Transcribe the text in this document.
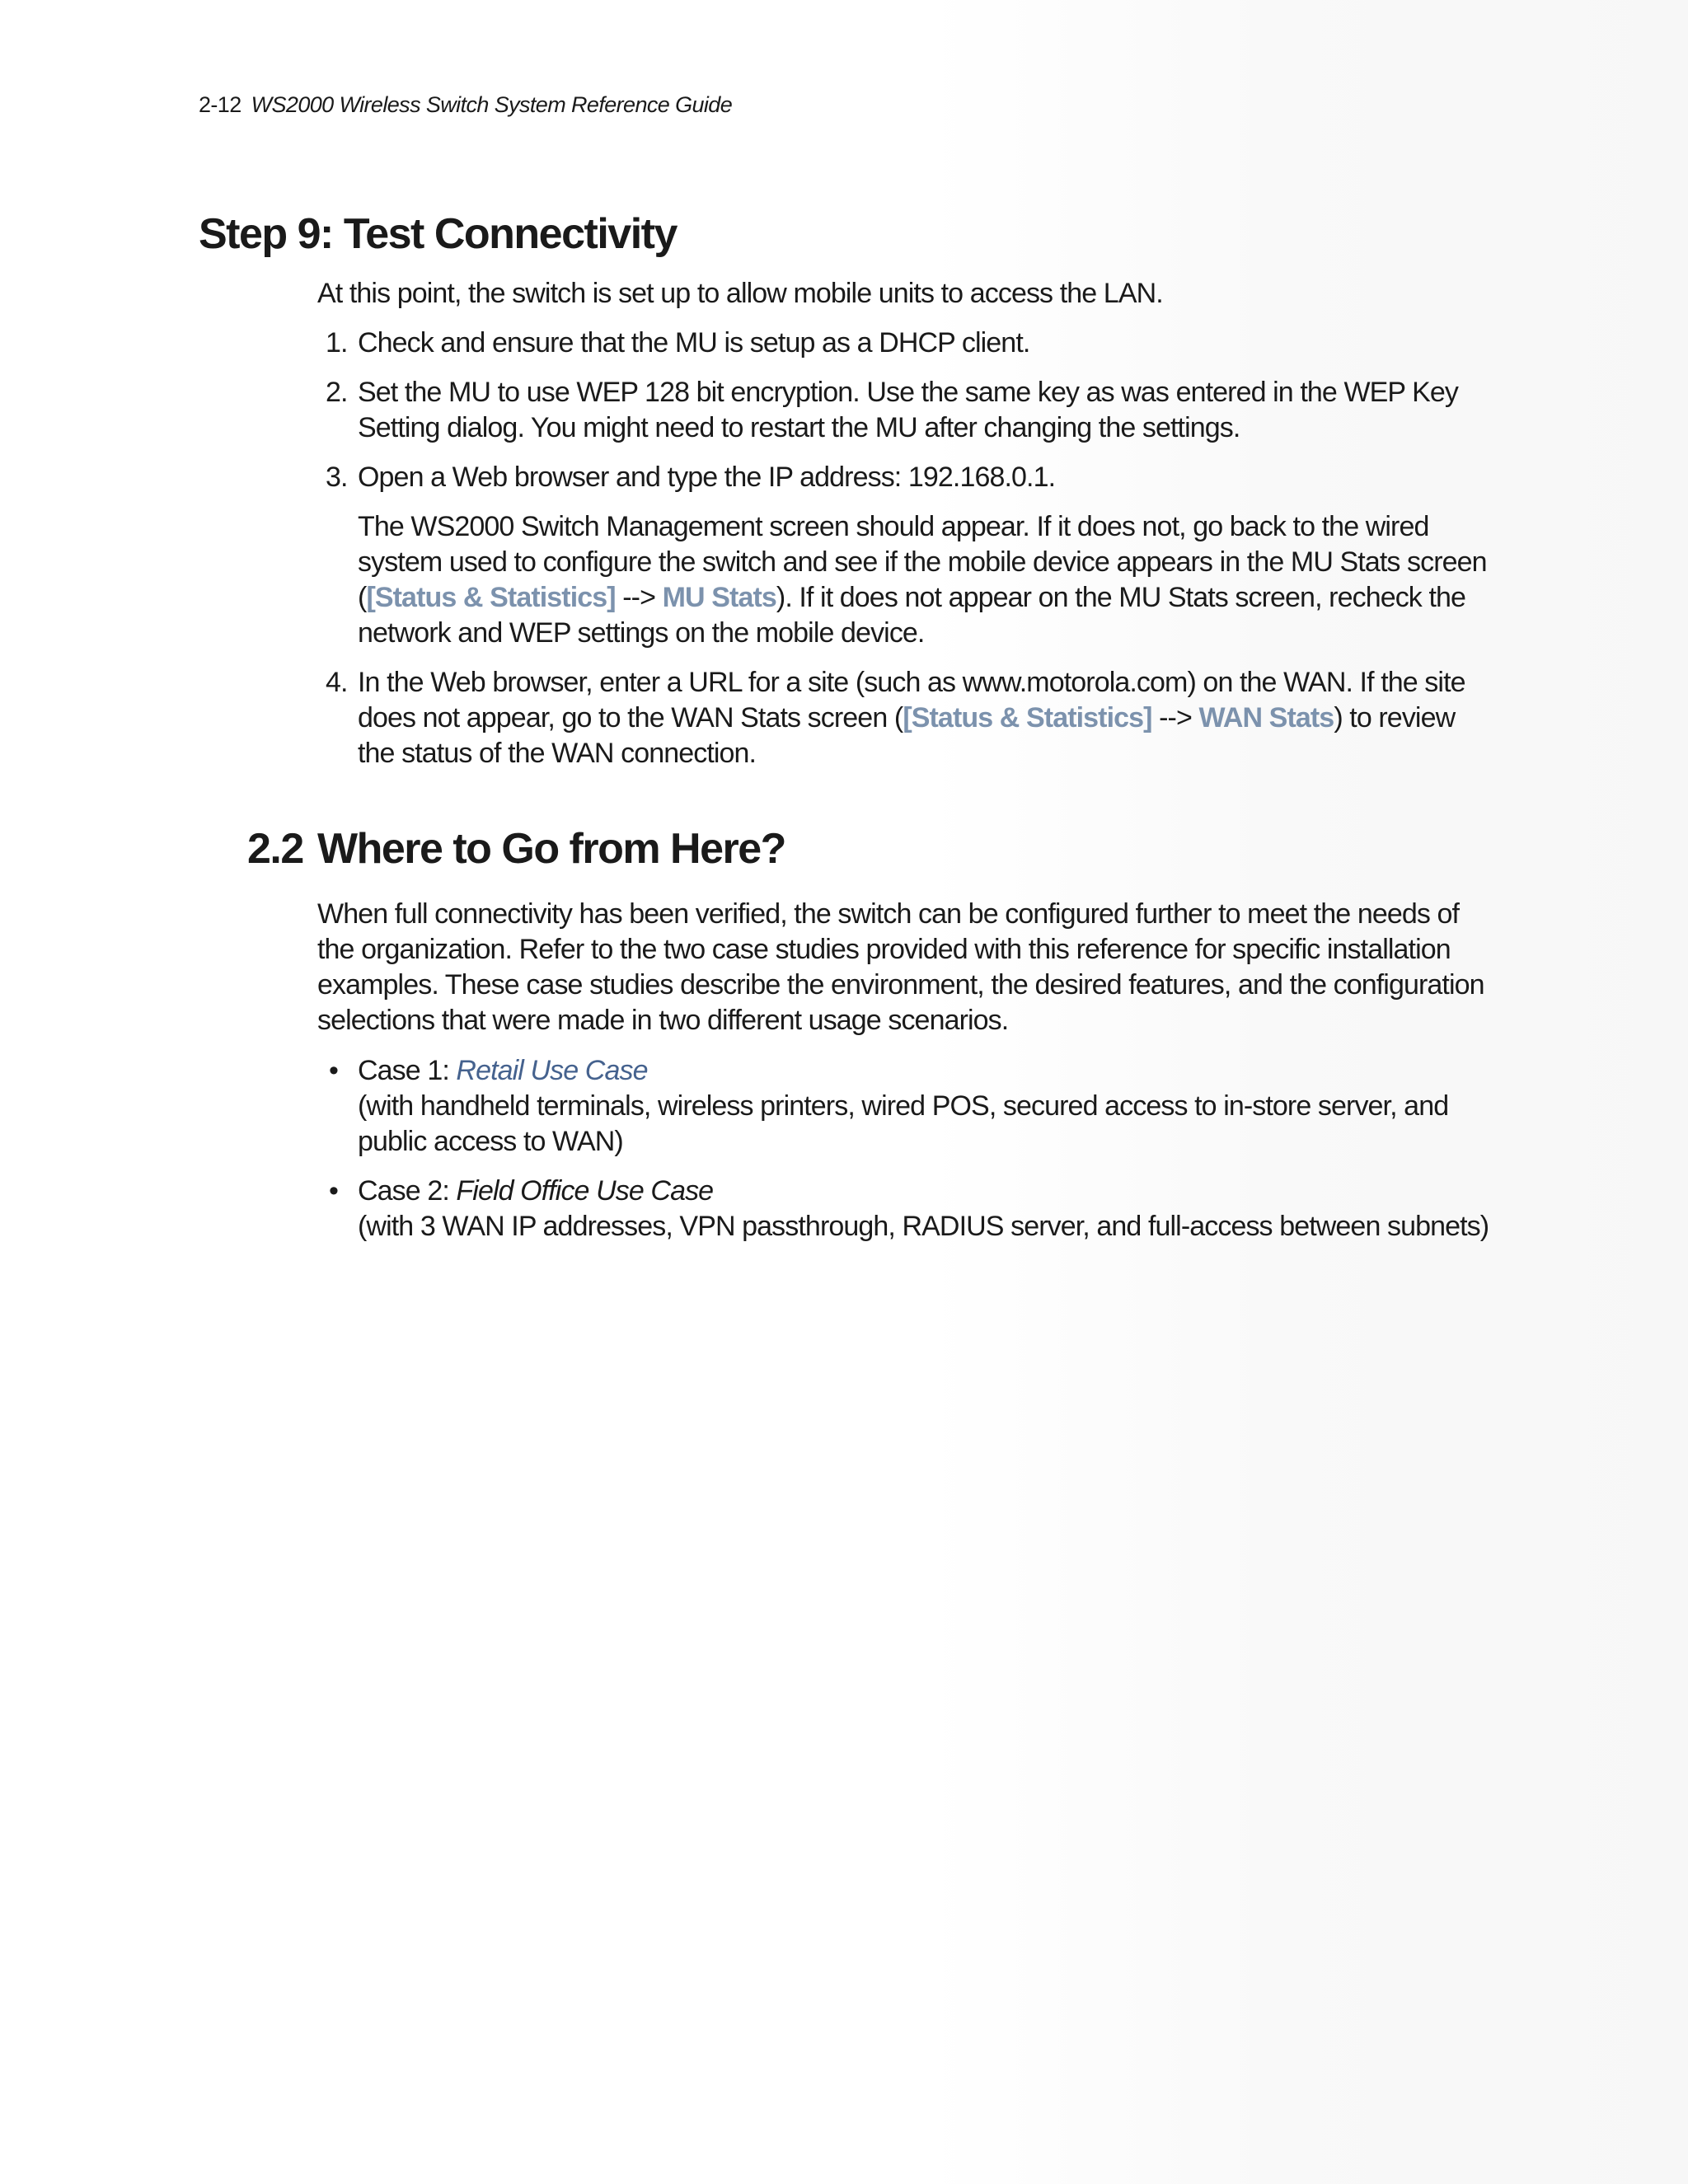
2-12 WS2000 Wireless Switch System Reference Guide
Step 9: Test Connectivity

At this point, the switch is set up to allow mobile units to access the LAN.

1. Check and ensure that the MU is setup as a DHCP client.

2. Set the MU to use WEP 128 bit encryption. Use the same key as was entered in the WEP Key Setting dialog. You might need to restart the MU after changing the settings.

3. Open a Web browser and type the IP address: 192.168.0.1.

The WS2000 Switch Management screen should appear. If it does not, go back to the wired system used to configure the switch and see if the mobile device appears in the MU Stats screen ([Status & Statistics] --> MU Stats). If it does not appear on the MU Stats screen, recheck the network and WEP settings on the mobile device.

4. In the Web browser, enter a URL for a site (such as www.motorola.com) on the WAN. If the site does not appear, go to the WAN Stats screen ([Status & Statistics] --> WAN Stats) to review the status of the WAN connection.

2.2 Where to Go from Here?

When full connectivity has been verified, the switch can be configured further to meet the needs of the organization. Refer to the two case studies provided with this reference for specific installation examples. These case studies describe the environment, the desired features, and the configuration selections that were made in two different usage scenarios.

• Case 1: Retail Use Case
(with handheld terminals, wireless printers, wired POS, secured access to in-store server, and public access to WAN)
• Case 2: Field Office Use Case
(with 3 WAN IP addresses, VPN passthrough, RADIUS server, and full-access between subnets)
